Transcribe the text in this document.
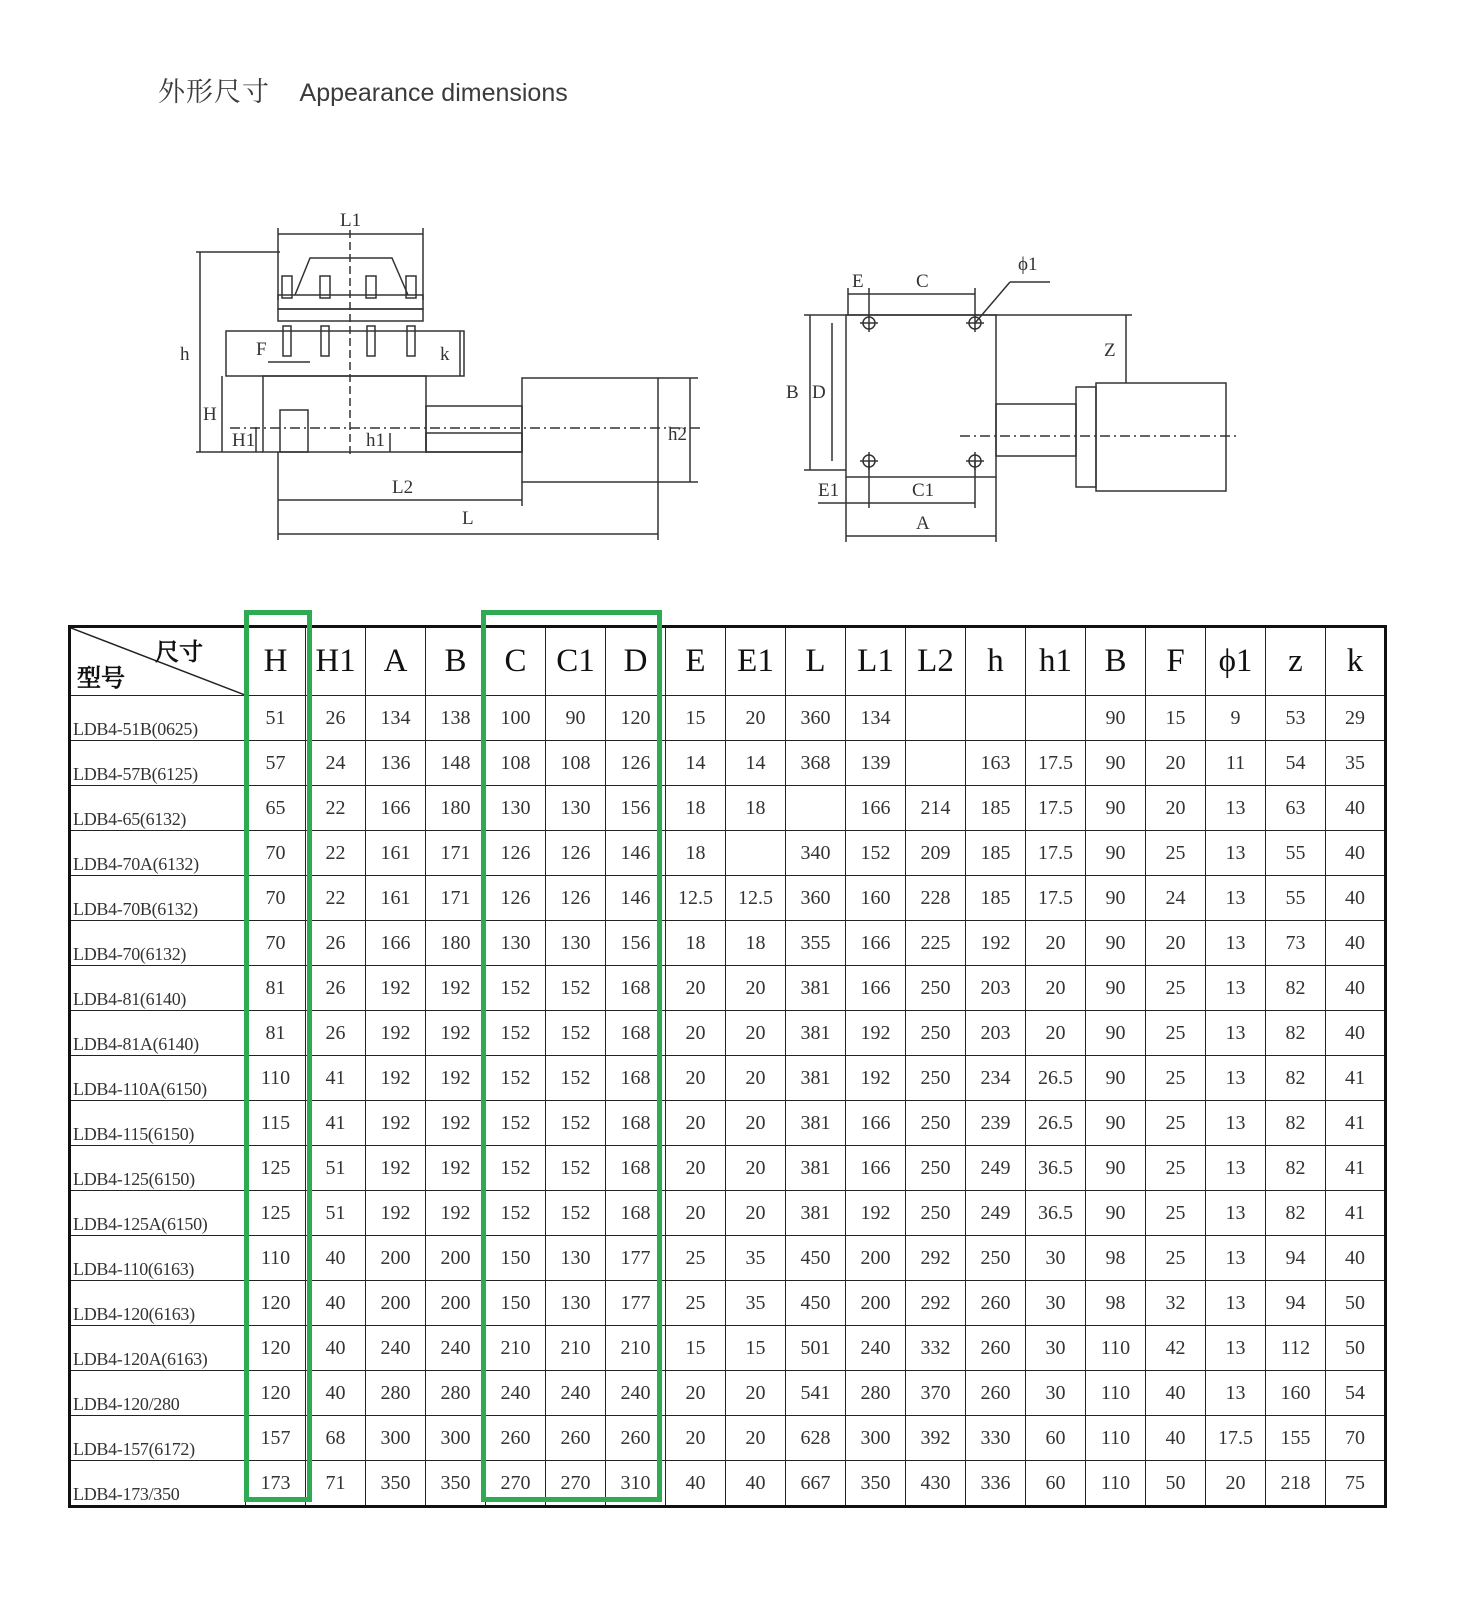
外形尺寸 Appearance dimensions
L1
F	k
h
H
H1	h1	h2
L2
L
E	C
ϕ1
Z
B D
E1	C1
A
尺寸
型号	H	H1	A	B	C	C1	D	E	E1	L	L1	L2	h	h1	B	F	ϕ1	z	k
LDB4-51B(0625)	51	26	134	138	100	90	120	15	20	360	134				90	15	9	53	29
LDB4-57B(6125)	57	24	136	148	108	108	126	14	14	368	139		163	17.5	90	20	11	54	35
LDB4-65(6132)	65	22	166	180	130	130	156	18	18		166	214	185	17.5	90	20	13	63	40
LDB4-70A(6132)	70	22	161	171	126	126	146	18		340	152	209	185	17.5	90	25	13	55	40
LDB4-70B(6132)	70	22	161	171	126	126	146	12.5	12.5	360	160	228	185	17.5	90	24	13	55	40
LDB4-70(6132)	70	26	166	180	130	130	156	18	18	355	166	225	192	20	90	20	13	73	40
LDB4-81(6140)	81	26	192	192	152	152	168	20	20	381	166	250	203	20	90	25	13	82	40
LDB4-81A(6140)	81	26	192	192	152	152	168	20	20	381	192	250	203	20	90	25	13	82	40
LDB4-110A(6150)	110	41	192	192	152	152	168	20	20	381	192	250	234	26.5	90	25	13	82	41
LDB4-115(6150)	115	41	192	192	152	152	168	20	20	381	166	250	239	26.5	90	25	13	82	41
LDB4-125(6150)	125	51	192	192	152	152	168	20	20	381	166	250	249	36.5	90	25	13	82	41
LDB4-125A(6150)	125	51	192	192	152	152	168	20	20	381	192	250	249	36.5	90	25	13	82	41
LDB4-110(6163)	110	40	200	200	150	130	177	25	35	450	200	292	250	30	98	25	13	94	40
LDB4-120(6163)	120	40	200	200	150	130	177	25	35	450	200	292	260	30	98	32	13	94	50
LDB4-120A(6163)	120	40	240	240	210	210	210	15	15	501	240	332	260	30	110	42	13	112	50
LDB4-120/280	120	40	280	280	240	240	240	20	20	541	280	370	260	30	110	40	13	160	54
LDB4-157(6172)	157	68	300	300	260	260	260	20	20	628	300	392	330	60	110	40	17.5	155	70
LDB4-173/350	173	71	350	350	270	270	310	40	40	667	350	430	336	60	110	50	20	218	75
